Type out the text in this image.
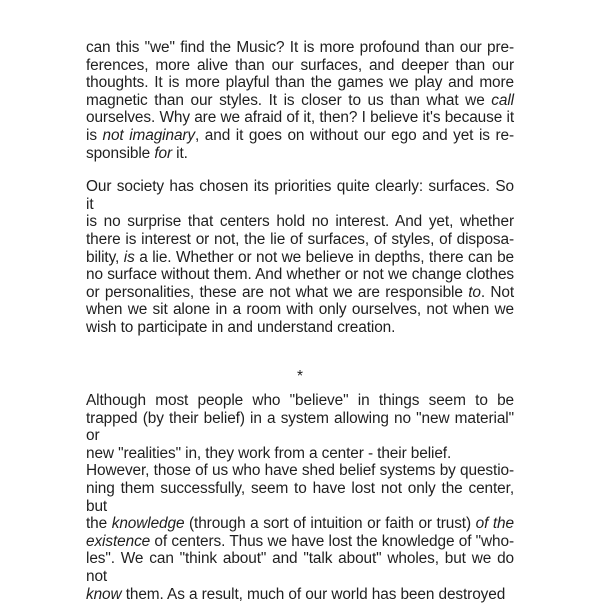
can this "we" find the Music? It is more profound than our pre-
ferences, more alive than our surfaces, and deeper than our
thoughts. It is more playful than the games we play and more
magnetic than our styles. It is closer to us than what we call
ourselves. Why are we afraid of it, then? I believe it's because it
is not imaginary, and it goes on without our ego and yet is re-
sponsible for it.
Our society has chosen its priorities quite clearly: surfaces. So it
is no surprise that centers hold no interest. And yet, whether
there is interest or not, the lie of surfaces, of styles, of disposa-
bility, is a lie. Whether or not we believe in depths, there can be
no surface without them. And whether or not we change clothes
or personalities, these are not what we are responsible to. Not
when we sit alone in a room with only ourselves, not when we
wish to participate in and understand creation.
*
Although most people who "believe" in things seem to be
trapped (by their belief) in a system allowing no "new material" or
new "realities" in, they work from a center - their belief.
However, those of us who have shed belief systems by questio-
ning them successfully, seem to have lost not only the center, but
the knowledge (through a sort of intuition or faith or trust) of the
existence of centers. Thus we have lost the knowledge of "who-
les". We can "think about" and "talk about" wholes, but we do not
know them. As a result, much of our world has been destroyed
